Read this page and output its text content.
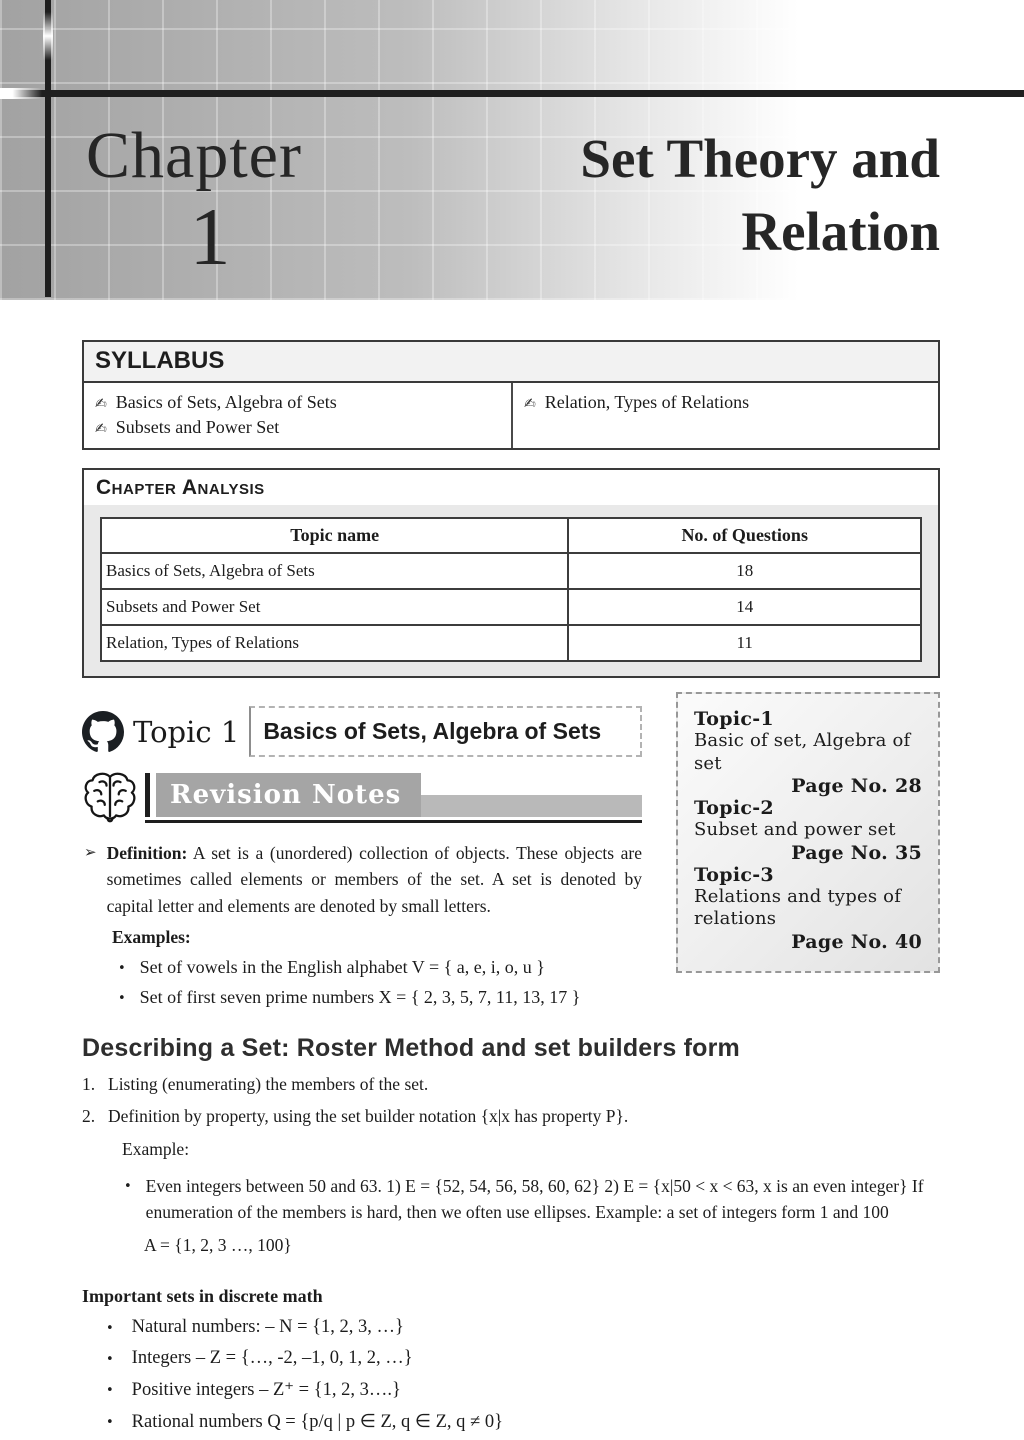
Chapter
1
Set Theory and
Relation
SYLLABUS
✍ Basics of Sets, Algebra of Sets
✍ Subsets and Power Set
✍ Relation, Types of Relations
Chapter Analysis
Topic name	No. of Questions
Basics of Sets, Algebra of Sets	18
Subsets and Power Set	14
Relation, Types of Relations	11
Topic 1	Basics of Sets, Algebra of Sets
Revision Notes
➢ Definition: A set is a (unordered) collection of objects. These objects are sometimes called elements or members of the set. A set is denoted by capital letter and elements are denoted by small letters.
Examples:
• Set of vowels in the English alphabet V = { a, e, i, o, u }
• Set of first seven prime numbers X = { 2, 3, 5, 7, 11, 13, 17 }
Topic-1
Basic of set, Algebra of set
Page No. 28
Topic-2
Subset and power set
Page No. 35
Topic-3
Relations and types of relations
Page No. 40
Describing a Set: Roster Method and set builders form
1. Listing (enumerating) the members of the set.
2. Definition by property, using the set builder notation {x|x has property P}.
Example:
• Even integers between 50 and 63. 1) E = {52, 54, 56, 58, 60, 62} 2) E = {x|50 < x < 63, x is an even integer} If enumeration of the members is hard, then we often use ellipses. Example: a set of integers form 1 and 100
A = {1, 2, 3 …, 100}
Important sets in discrete math
• Natural numbers: – N = {1, 2, 3, …}
• Integers – Z = {…, -2, –1, 0, 1, 2, …}
• Positive integers – Z⁺ = {1, 2, 3….}
• Rational numbers Q = {p/q | p ∈ Z, q ∈ Z, q ≠ 0}
